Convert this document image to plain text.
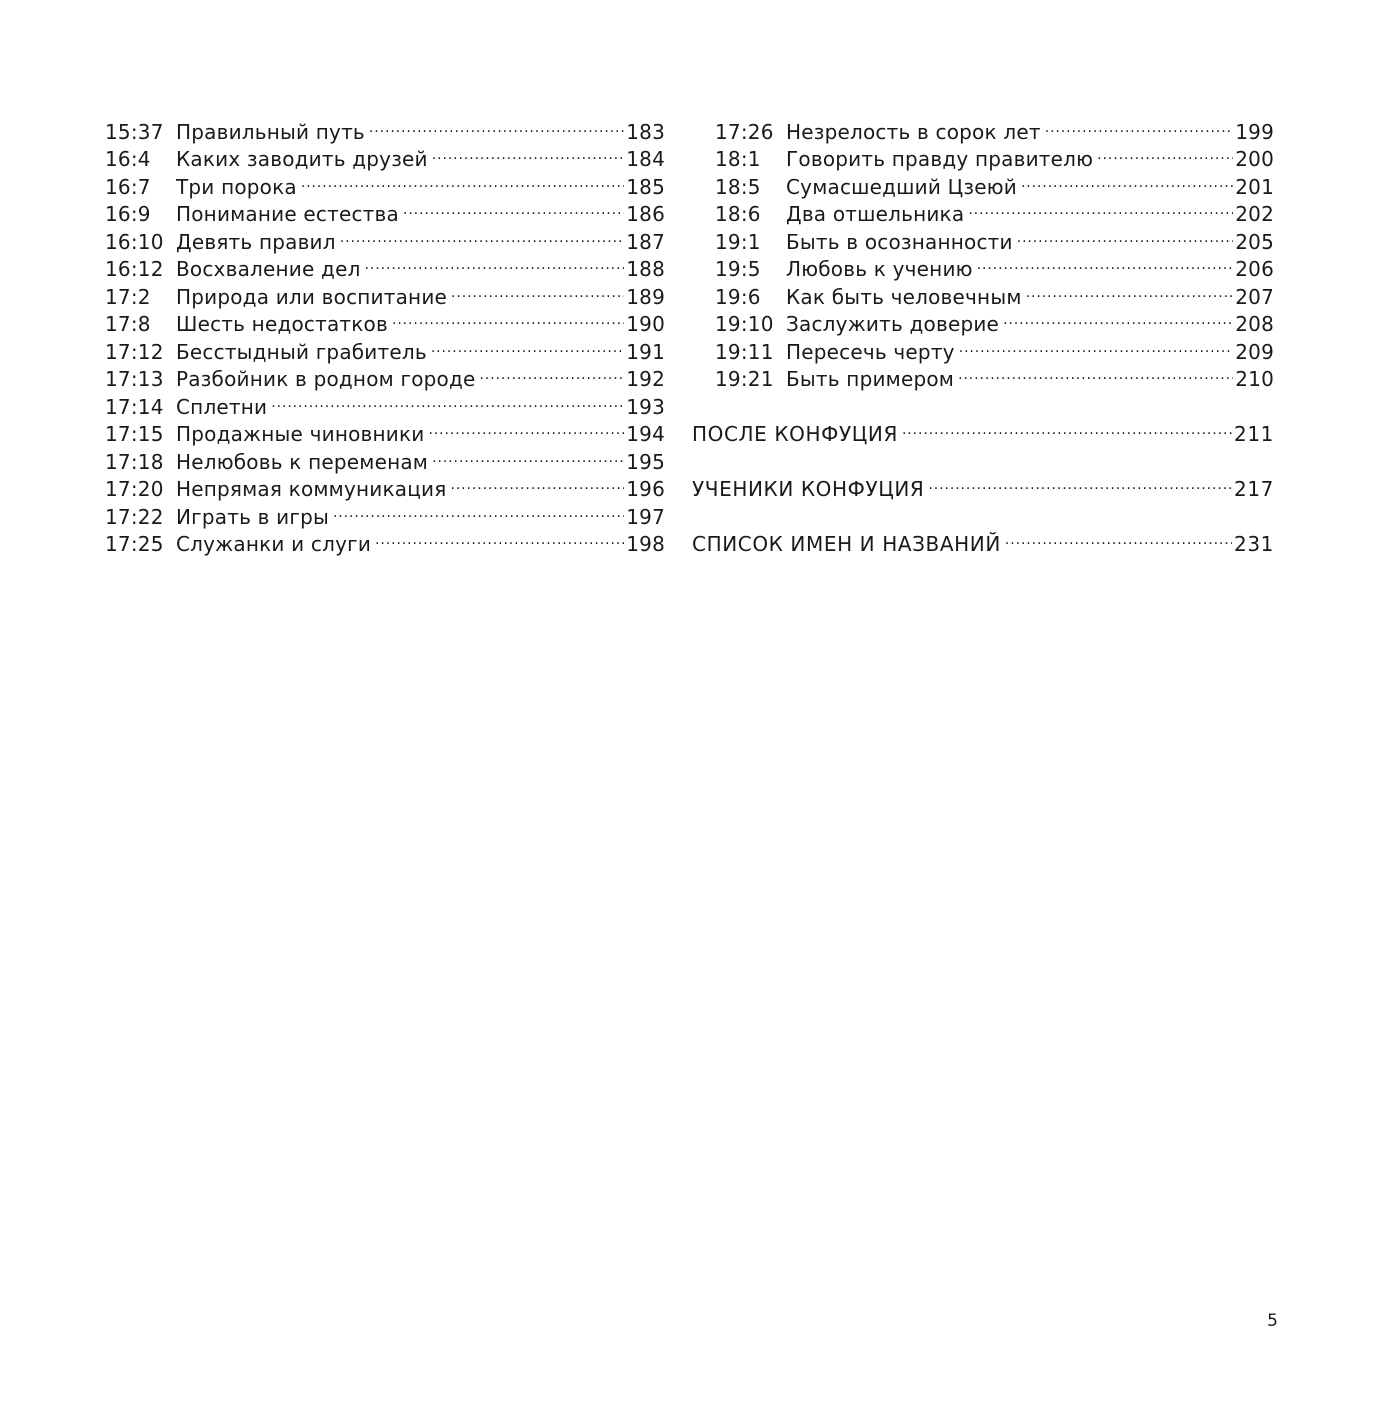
15:37 Правильный путь .....	183
16:4	Каких заводить друзей .....	184
16:7	Три порока .....	185
16:9	Понимание естества .....	186
16:10 Девять правил .....	187
16:12 Восхваление дел .....	188
17:2	Природа или воспитание .....	189
17:8	Шесть недостатков .....	190
17:12 Бесстыдный грабитель .....	191
17:13 Разбойник в родном городе .....	192
17:14 Сплетни .....	193
17:15 Продажные чиновники .....	194
17:18 Нелюбовь к переменам .....	195
17:20 Непрямая коммуникация .....	196
17:22 Играть в игры .....	197
17:25 Служанки и слуги .....	198
17:26 Незрелость в сорок лет .....	199
18:1	Говорить правду правителю .....	200
18:5	Сумасшедший Цзеюй .....	201
18:6	Два отшельника .....	202
19:1	Быть в осознанности .....	205
19:5	Любовь к учению .....	206
19:6	Как быть человечным .....	207
19:10 Заслужить доверие .....	208
19:11 Пересечь черту .....	209
19:21 Быть примером .....	210
ПОСЛЕ КОНФУЦИЯ .....	211
УЧЕНИКИ КОНФУЦИЯ .....	217
СПИСОК ИМЕН И НАЗВАНИЙ .....	231
5
